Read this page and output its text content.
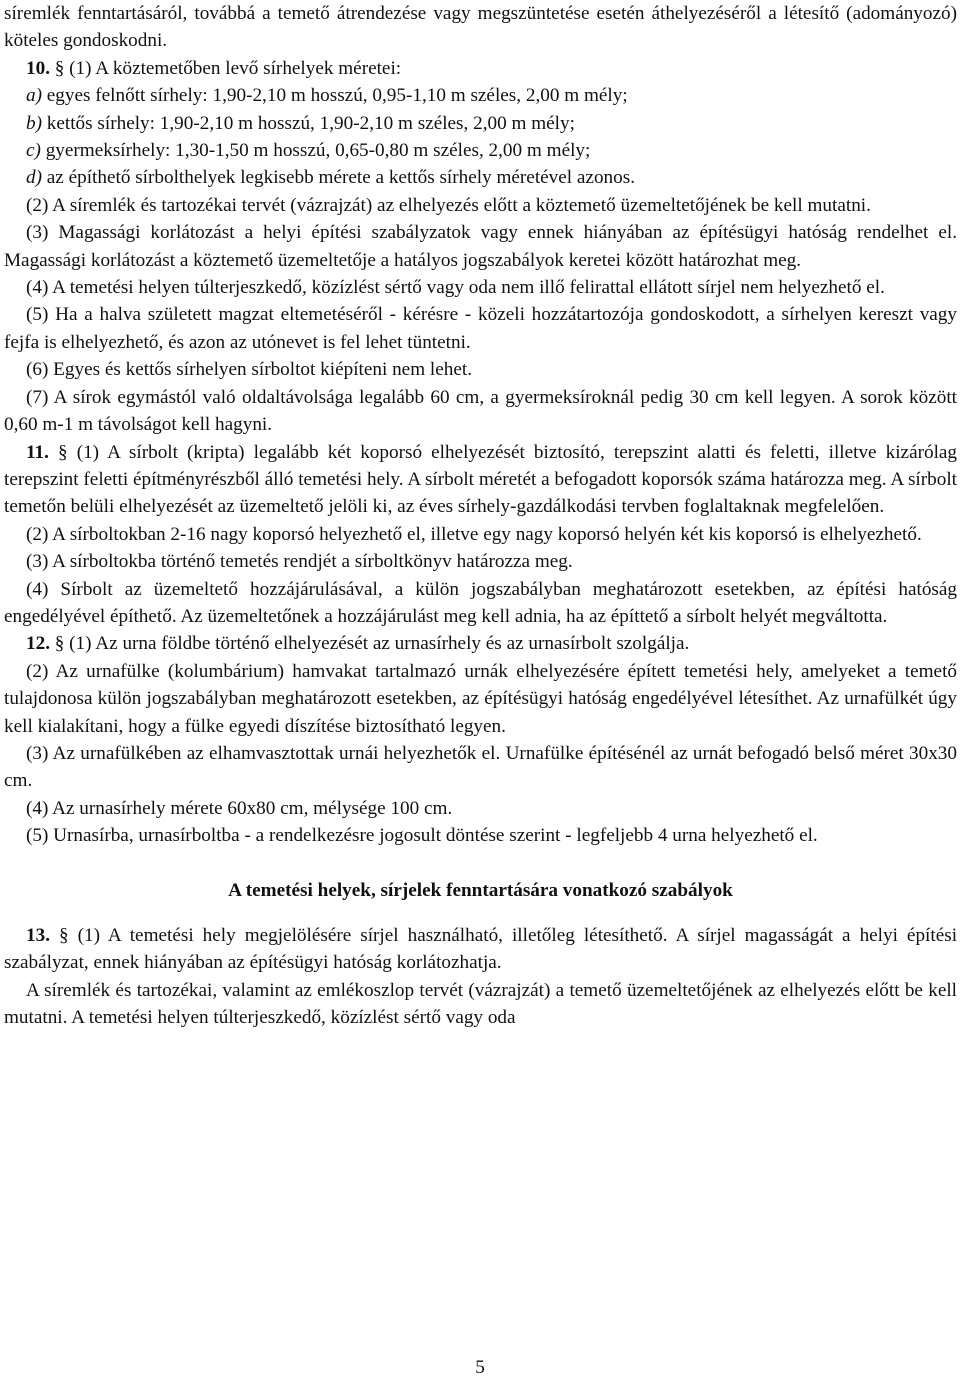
síremlék fenntartásáról, továbbá a temető átrendezése vagy megszüntetése esetén áthelyezéséről a létesítő (adományozó) köteles gondoskodni.

10. § (1) A köztemetőben levő sírhelyek méretei:

a) egyes felnőtt sírhely: 1,90-2,10 m hosszú, 0,95-1,10 m széles, 2,00 m mély;

b) kettős sírhely: 1,90-2,10 m hosszú, 1,90-2,10 m széles, 2,00 m mély;

c) gyermeksírhely: 1,30-1,50 m hosszú, 0,65-0,80 m széles, 2,00 m mély;

d) az építhető sírbolthelyek legkisebb mérete a kettős sírhely méretével azonos.

(2) A síremlék és tartozékai tervét (vázrajzát) az elhelyezés előtt a köztemető üzemeltetőjének be kell mutatni.

(3) Magassági korlátozást a helyi építési szabályzatok vagy ennek hiányában az építésügyi hatóság rendelhet el. Magassági korlátozást a köztemető üzemeltetője a hatályos jogszabályok keretei között határozhat meg.

(4) A temetési helyen túlterjeszkedő, közízlést sértő vagy oda nem illő felirattal ellátott sírjel nem helyezhető el.

(5) Ha a halva született magzat eltemetéséről - kérésre - közeli hozzátartozója gondoskodott, a sírhelyen kereszt vagy fejfa is elhelyezhető, és azon az utónevet is fel lehet tüntetni.

(6) Egyes és kettős sírhelyen sírboltot kiépíteni nem lehet.

(7) A sírok egymástól való oldaltávolsága legalább 60 cm, a gyermeksíroknál pedig 30 cm kell legyen. A sorok között 0,60 m-1 m távolságot kell hagyni.

11. § (1) A sírbolt (kripta) legalább két koporsó elhelyezését biztosító, terepszint alatti és feletti, illetve kizárólag terepszint feletti építményrészből álló temetési hely. A sírbolt méretét a befogadott koporsók száma határozza meg. A sírbolt temetőn belüli elhelyezését az üzemeltető jelöli ki, az éves sírhely-gazdálkodási tervben foglaltaknak megfelelően.

(2) A sírboltokban 2-16 nagy koporsó helyezhető el, illetve egy nagy koporsó helyén két kis koporsó is elhelyezhető.

(3) A sírboltokba történő temetés rendjét a sírboltkönyv határozza meg.

(4) Sírbolt az üzemeltető hozzájárulásával, a külön jogszabályban meghatározott esetekben, az építési hatóság engedélyével építhető. Az üzemeltetőnek a hozzájárulást meg kell adnia, ha az építtető a sírbolt helyét megváltotta.

12. § (1) Az urna földbe történő elhelyezését az urnasírhely és az urnasírbolt szolgálja.

(2) Az urnafülke (kolumbárium) hamvakat tartalmazó urnák elhelyezésére épített temetési hely, amelyeket a temető tulajdonosa külön jogszabályban meghatározott esetekben, az építésügyi hatóság engedélyével létesíthet. Az urnafülkét úgy kell kialakítani, hogy a fülke egyedi díszítése biztosítható legyen.

(3) Az urnafülkében az elhamvasztottak urnái helyezhetők el. Urnafülke építésénél az urnát befogadó belső méret 30x30 cm.

(4) Az urnasírhely mérete 60x80 cm, mélysége 100 cm.

(5) Urnasírba, urnasírboltba - a rendelkezésre jogosult döntése szerint - legfeljebb 4 urna helyezhető el.

A temetési helyek, sírjelek fenntartására vonatkozó szabályok

13. § (1) A temetési hely megjelölésére sírjel használható, illetőleg létesíthető. A sírjel magasságát a helyi építési szabályzat, ennek hiányában az építésügyi hatóság korlátozhatja.

A síremlék és tartozékai, valamint az emlékoszlop tervét (vázrajzát) a temető üzemeltetőjének az elhelyezés előtt be kell mutatni. A temetési helyen túlterjeszkedő, közízlést sértő vagy oda

5
